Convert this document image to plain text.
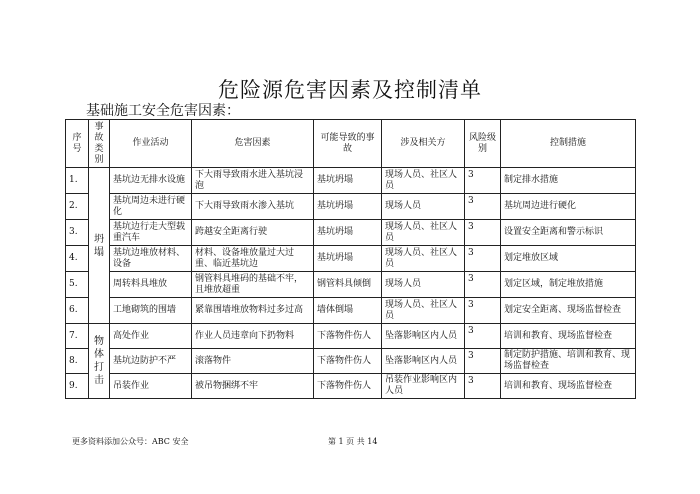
危险源危害因素及控制清单
基础施工安全危害因素：
序号	事故类别	作业活动	危害因素	可能导致的事故	涉及相关方	风险级别	控制措施
1.	坍塌	基坑边无排水设施	下大雨导致雨水进入基坑浸泡	基坑坍塌	现场人员、社区人员	3	制定排水措施
2.		基坑周边未进行硬化	下大雨导致雨水渗入基坑	基坑坍塌	现场人员	3	基坑周边进行硬化
3.		基坑边行走大型载重汽车	跨越安全距离行驶	基坑坍塌	现场人员、社区人员	3	设置安全距离和警示标识
4.		基坑边堆放材料、设备	材料、设备堆放量过大过重、临近基坑边	基坑坍塌	现场人员、社区人员	3	划定堆放区域
5.		周转料具堆放	钢管料具堆码的基础不牢，且堆放超重	钢管料具倾倒	现场人员	3	划定区域，制定堆放措施
6.		工地砌筑的围墙	紧靠围墙堆放物料过多过高	墙体倒塌	现场人员、社区人员	3	划定安全距离、现场监督检查
7.	物体打击	高处作业	作业人员违章向下扔物料	下落物件伤人	坠落影响区内人员	3	培训和教育、现场监督检查
8.		基坑边防护不严	滚落物件	下落物件伤人	坠落影响区内人员	3	制定防护措施、培训和教育、现场监督检查
9.		吊装作业	被吊物捆绑不牢	下落物件伤人	吊装作业影响区内人员	3	培训和教育、现场监督检查
更多资料添加公众号：ABC 安全	第 1 页 共 14
